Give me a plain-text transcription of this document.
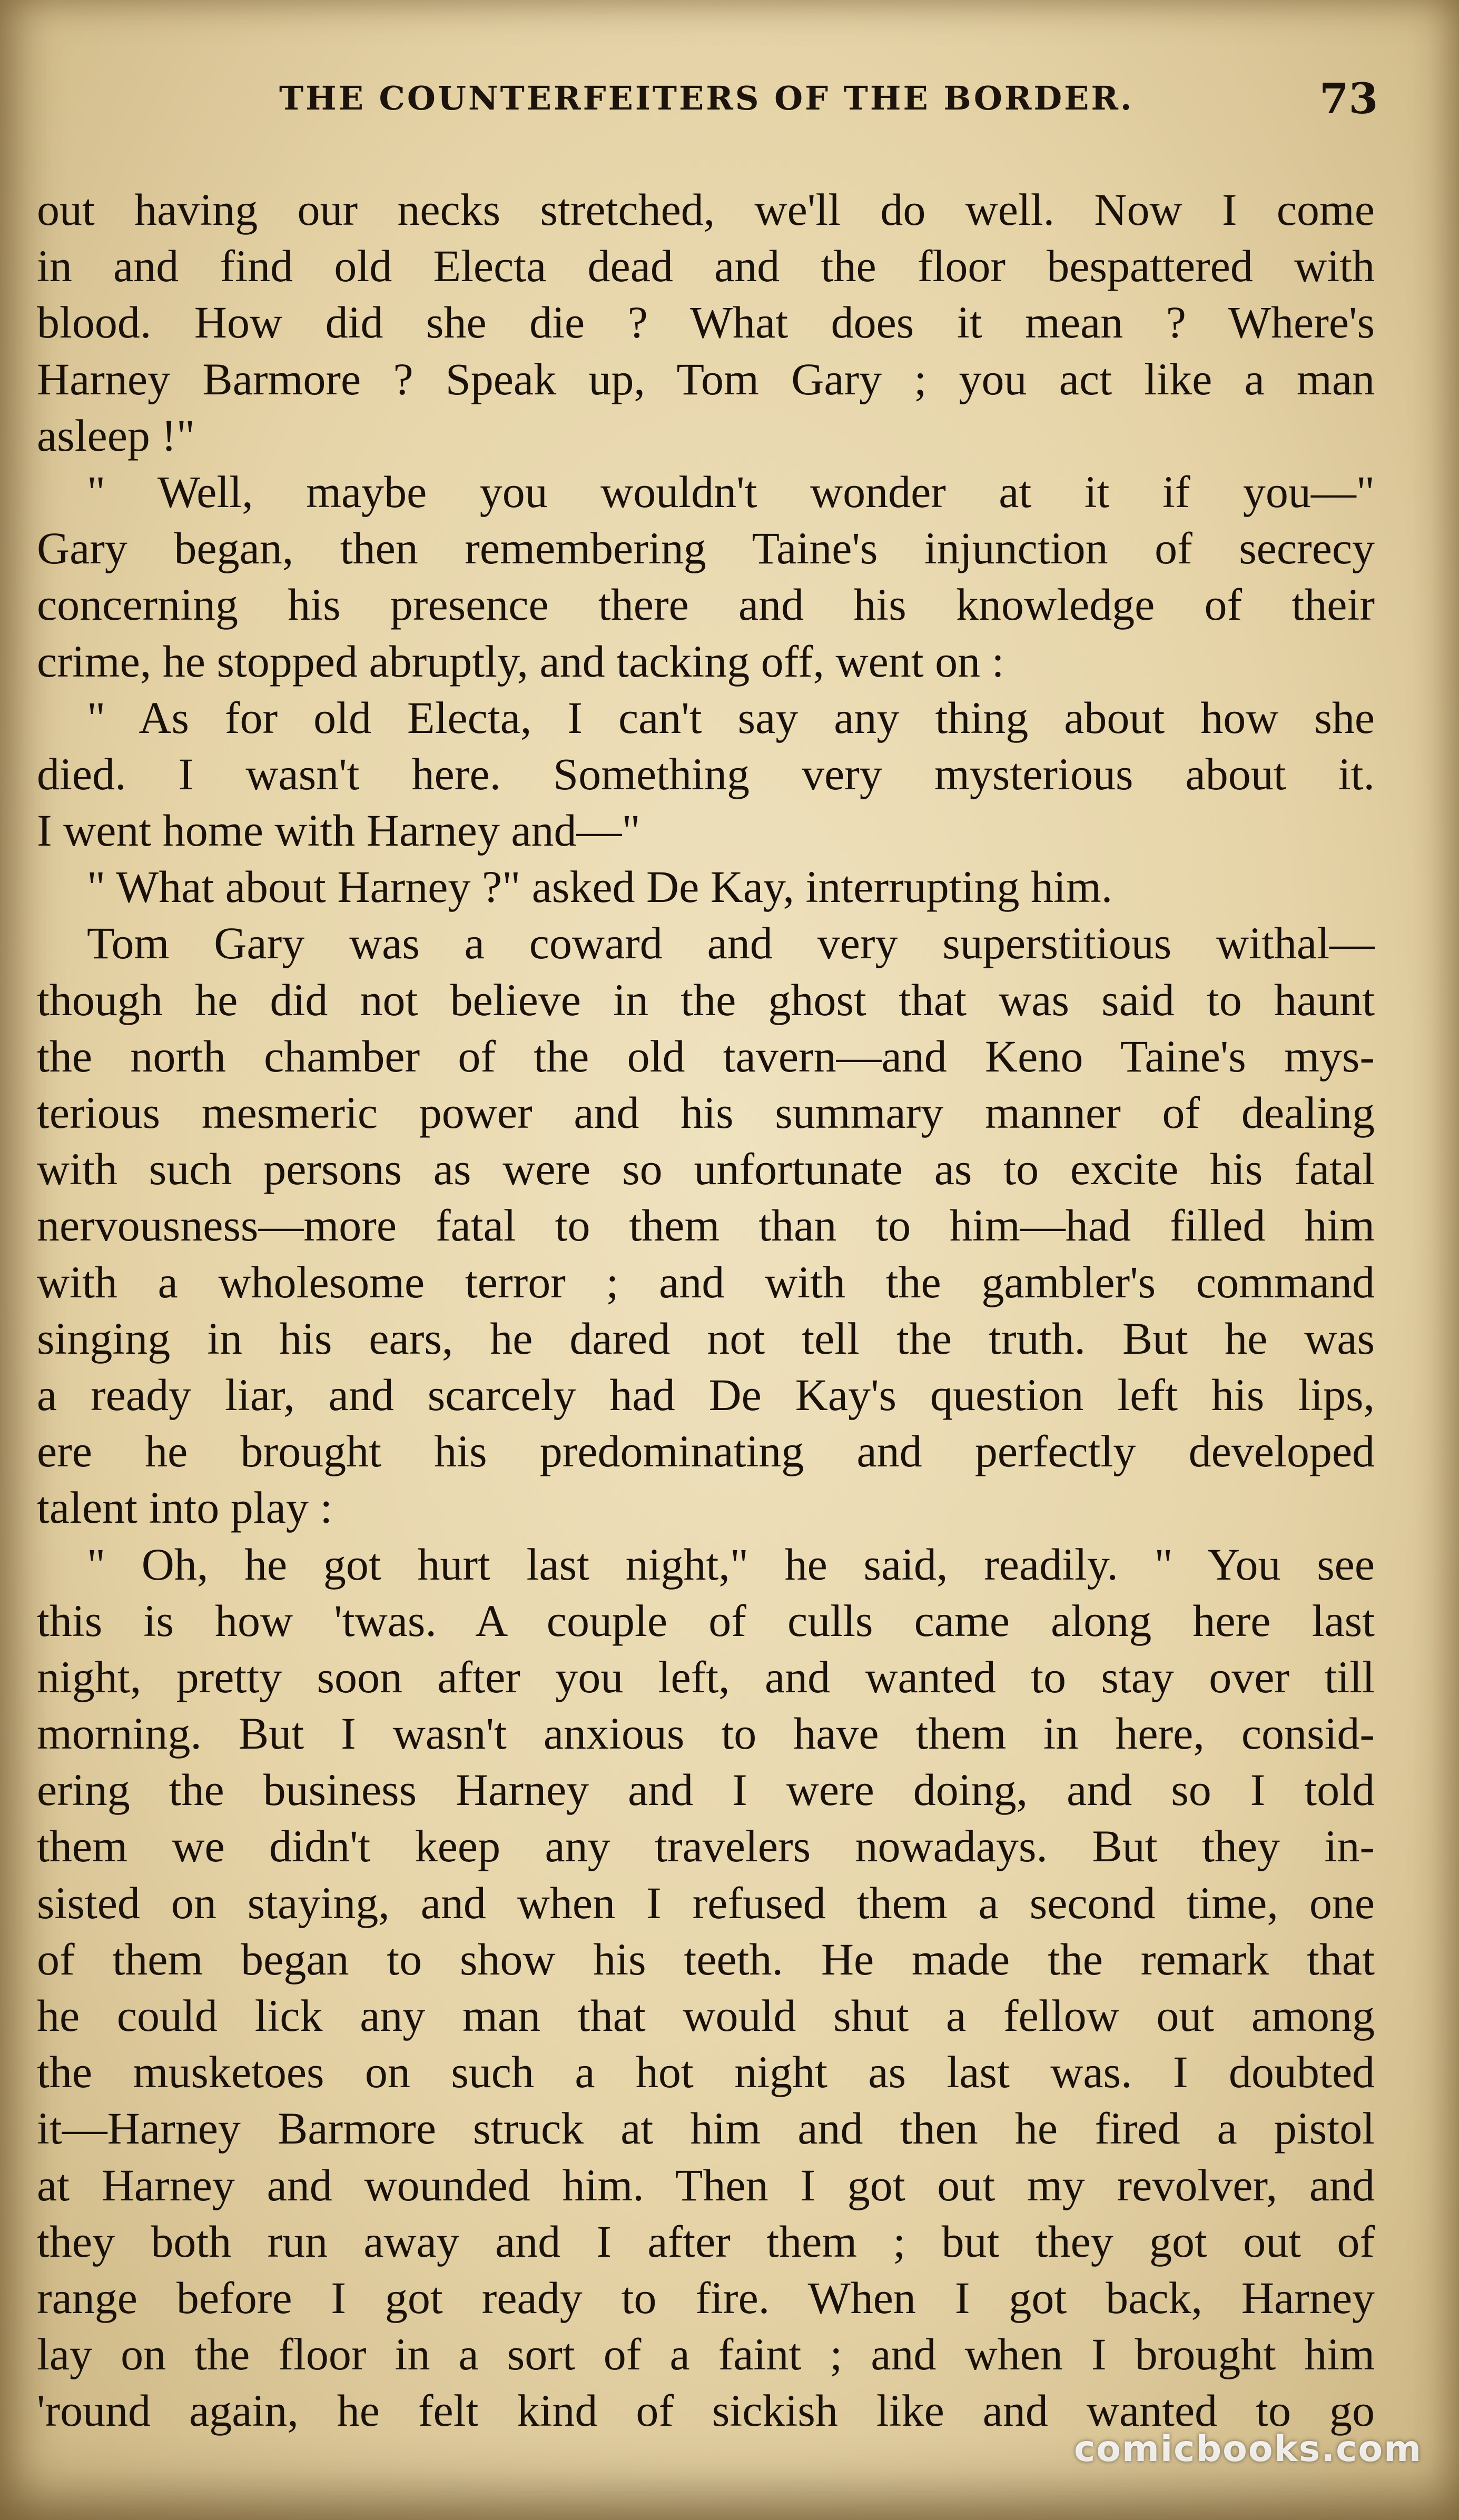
THE COUNTERFEITERS OF THE BORDER.	73
out having our necks stretched, we'll do well. Now I come
in and find old Electa dead and the floor bespattered with
blood. How did she die ? What does it mean ? Where's
Harney Barmore ? Speak up, Tom Gary ; you act like a man
asleep !"
" Well, maybe you wouldn't wonder at it if you—"
Gary began, then remembering Taine's injunction of secrecy
concerning his presence there and his knowledge of their
crime, he stopped abruptly, and tacking off, went on :
" As for old Electa, I can't say any thing about how she
died. I wasn't here. Something very mysterious about it.
I went home with Harney and—"
" What about Harney ?" asked De Kay, interrupting him.
Tom Gary was a coward and very superstitious withal—
though he did not believe in the ghost that was said to haunt
the north chamber of the old tavern—and Keno Taine's mys-
terious mesmeric power and his summary manner of dealing
with such persons as were so unfortunate as to excite his fatal
nervousness—more fatal to them than to him—had filled him
with a wholesome terror ; and with the gambler's command
singing in his ears, he dared not tell the truth. But he was
a ready liar, and scarcely had De Kay's question left his lips,
ere he brought his predominating and perfectly developed
talent into play :
" Oh, he got hurt last night," he said, readily. " You see
this is how 'twas. A couple of culls came along here last
night, pretty soon after you left, and wanted to stay over till
morning. But I wasn't anxious to have them in here, consid-
ering the business Harney and I were doing, and so I told
them we didn't keep any travelers nowadays. But they in-
sisted on staying, and when I refused them a second time, one
of them began to show his teeth. He made the remark that
he could lick any man that would shut a fellow out among
the musketoes on such a hot night as last was. I doubted
it—Harney Barmore struck at him and then he fired a pistol
at Harney and wounded him. Then I got out my revolver, and
they both run away and I after them ; but they got out of
range before I got ready to fire. When I got back, Harney
lay on the floor in a sort of a faint ; and when I brought him
'round again, he felt kind of sickish like and wanted to go
comicbooks.com
